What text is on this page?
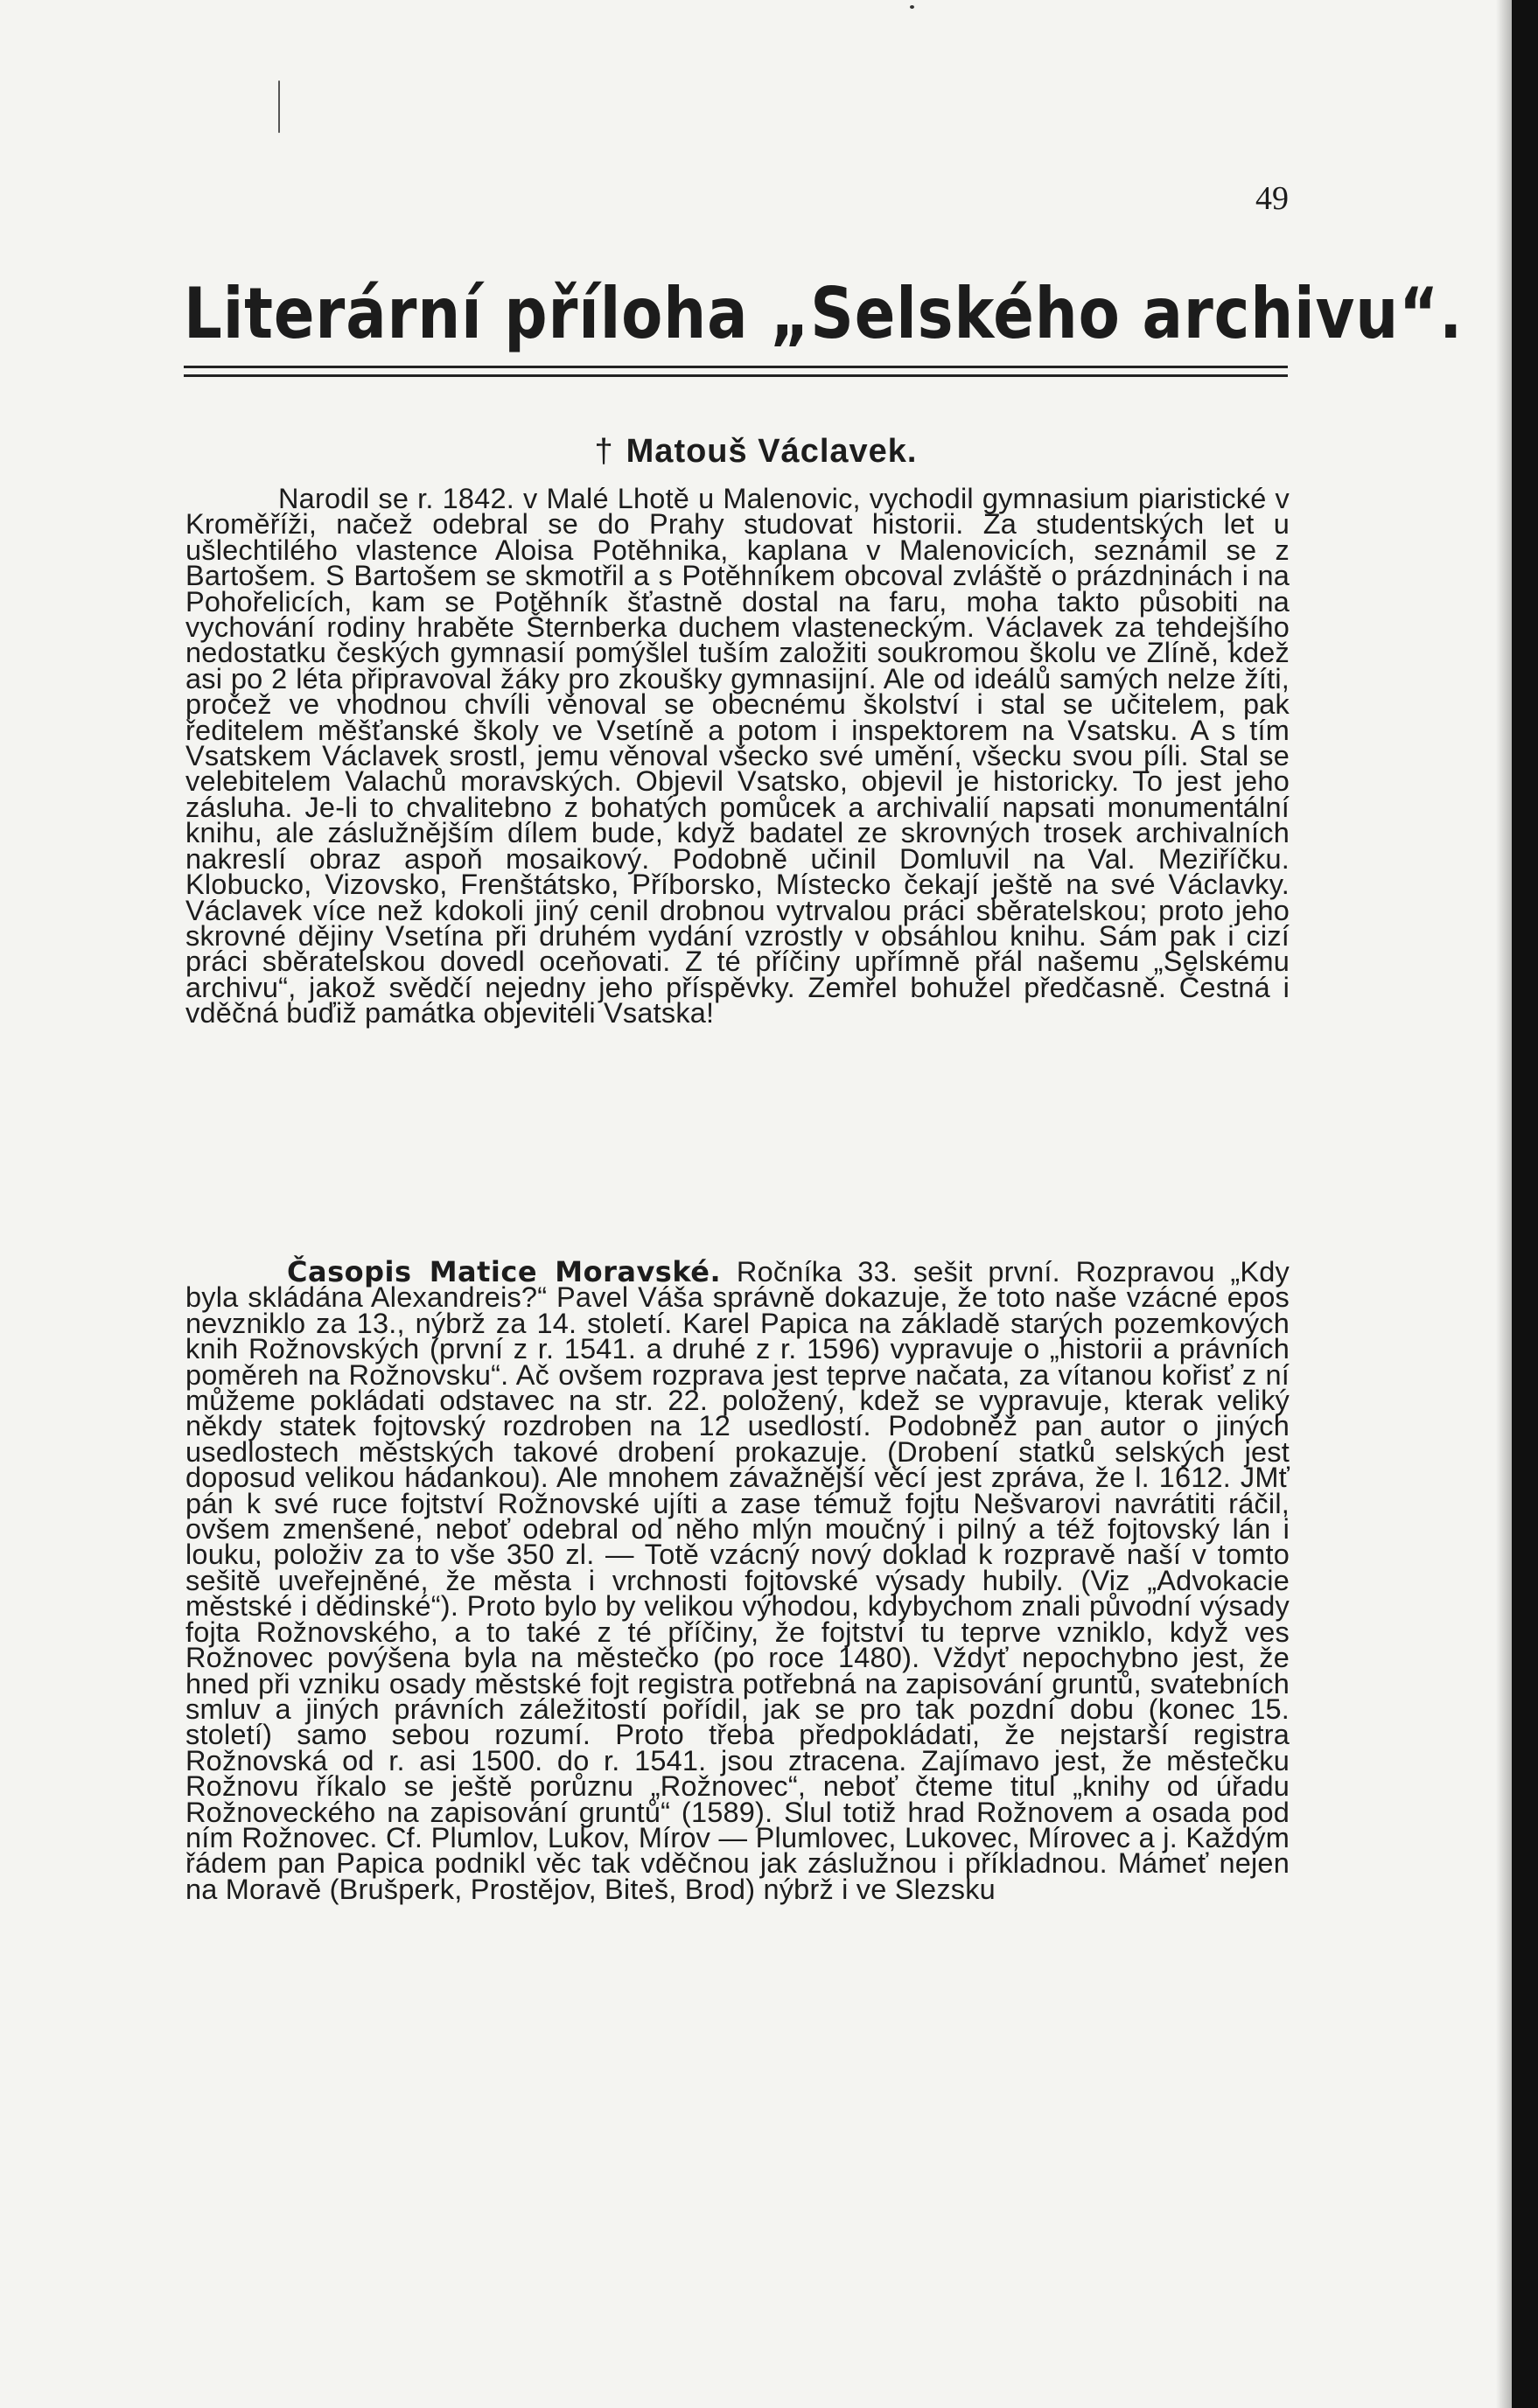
49
Literární příloha „Selského archivu“.
† Matouš Václavek.
Narodil se r. 1842. v Malé Lhotě u Malenovic, vychodil gymnasium piaristické v Kroměříži, načež odebral se do Prahy studovat historii. Za studentských let u ušlechtilého vlastence Aloisa Potěhnika, kaplana v Malenovicích, seznámil se z Bartošem. S Bartošem se skmotřil a s Potěhníkem obcoval zvláště o prázdninách i na Pohořelicích, kam se Potěhník šťastně dostal na faru, moha takto působiti na vychování rodiny hraběte Šternberka duchem vlasteneckým. Václavek za tehdejšího nedostatku českých gymnasií pomýšlel tuším založiti soukromou školu ve Zlíně, kdež asi po 2 léta připravoval žáky pro zkoušky gymnasijní. Ale od ideálů samých nelze žíti, pročež ve vhodnou chvíli věnoval se obecnému školství i stal se učitelem, pak ředitelem měšťanské školy ve Vsetíně a potom i inspektorem na Vsatsku. A s tím Vsatskem Václavek srostl, jemu věnoval všecko své umění, všecku svou píli. Stal se velebitelem Valachů moravských. Objevil Vsatsko, objevil je historicky. To jest jeho zásluha. Je-li to chvalitebno z bohatých pomůcek a archivalií napsati monumentální knihu, ale záslužnějším dílem bude, když badatel ze skrovných trosek archivalních nakreslí obraz aspoň mosaikový. Podobně učinil Domluvil na Val. Meziříčku. Klobucko, Vizovsko, Frenštátsko, Příborsko, Místecko čekají ještě na své Václavky. Václavek více než kdokoli jiný cenil drobnou vytrvalou práci sběratelskou; proto jeho skrovné dějiny Vsetína při druhém vydání vzrostly v obsáhlou knihu. Sám pak i cizí práci sběratelskou dovedl oceňovati. Z té příčiny upřímně přál našemu „Selskému archivu“, jakož svědčí nejedny jeho příspěvky. Zemřel bohužel předčasně. Čestná i vděčná buďiž památka objeviteli Vsatska!
Časopis Matice Moravské. Ročníka 33. sešit první. Rozpravou „Kdy byla skládána Alexandreis?“ Pavel Váša správně dokazuje, že toto naše vzácné epos nevzniklo za 13., nýbrž za 14. století. Karel Papica na základě starých pozemkových knih Rožnovských (první z r. 1541. a druhé z r. 1596) vypravuje o „historii a právních poměreh na Rožnovsku“. Ač ovšem rozprava jest teprve načata, za vítanou kořisť z ní můžeme pokládati odstavec na str. 22. položený, kdež se vypravuje, kterak veliký někdy statek fojtovský rozdroben na 12 usedlostí. Podobněž pan autor o jiných usedlostech městských takové drobení prokazuje. (Drobení statků selských jest doposud velikou hádankou). Ale mnohem závažnější věcí jest zpráva, že l. 1612. JMť pán k své ruce fojtství Rožnovské ujíti a zase témuž fojtu Nešvarovi navrátiti ráčil, ovšem zmenšené, neboť odebral od něho mlýn moučný i pilný a též fojtovský lán i louku, položiv za to vše 350 zl. — Totě vzácný nový doklad k rozpravě naší v tomto sešitě uveřejněné, že města i vrchnosti fojtovské výsady hubily. (Viz „Advokacie městské i dědinské“). Proto bylo by velikou výhodou, kdybychom znali původní výsady fojta Rožnovského, a to také z té příčiny, že fojtství tu teprve vzniklo, když ves Rožnovec povýšena byla na městečko (po roce 1480). Vždyť nepochybno jest, že hned při vzniku osady městské fojt registra potřebná na zapisování gruntů, svatebních smluv a jiných právních záležitostí pořídil, jak se pro tak pozdní dobu (konec 15. století) samo sebou rozumí. Proto třeba předpokládati, že nejstarší registra Rožnovská od r. asi 1500. do r. 1541. jsou ztracena. Zajímavo jest, že městečku Rožnovu říkalo se ještě porůznu „Rožnovec“, neboť čteme titul „knihy od úřadu Rožnoveckého na zapisování gruntů“ (1589). Slul totiž hrad Rožnovem a osada pod ním Rožnovec. Cf. Plumlov, Lukov, Mírov — Plumlovec, Lukovec, Mírovec a j. Každým řádem pan Papica podnikl věc tak vděčnou jak záslužnou i příkladnou. Mámeť nejen na Moravě (Brušperk, Prostějov, Biteš, Brod) nýbrž i ve Slezsku
